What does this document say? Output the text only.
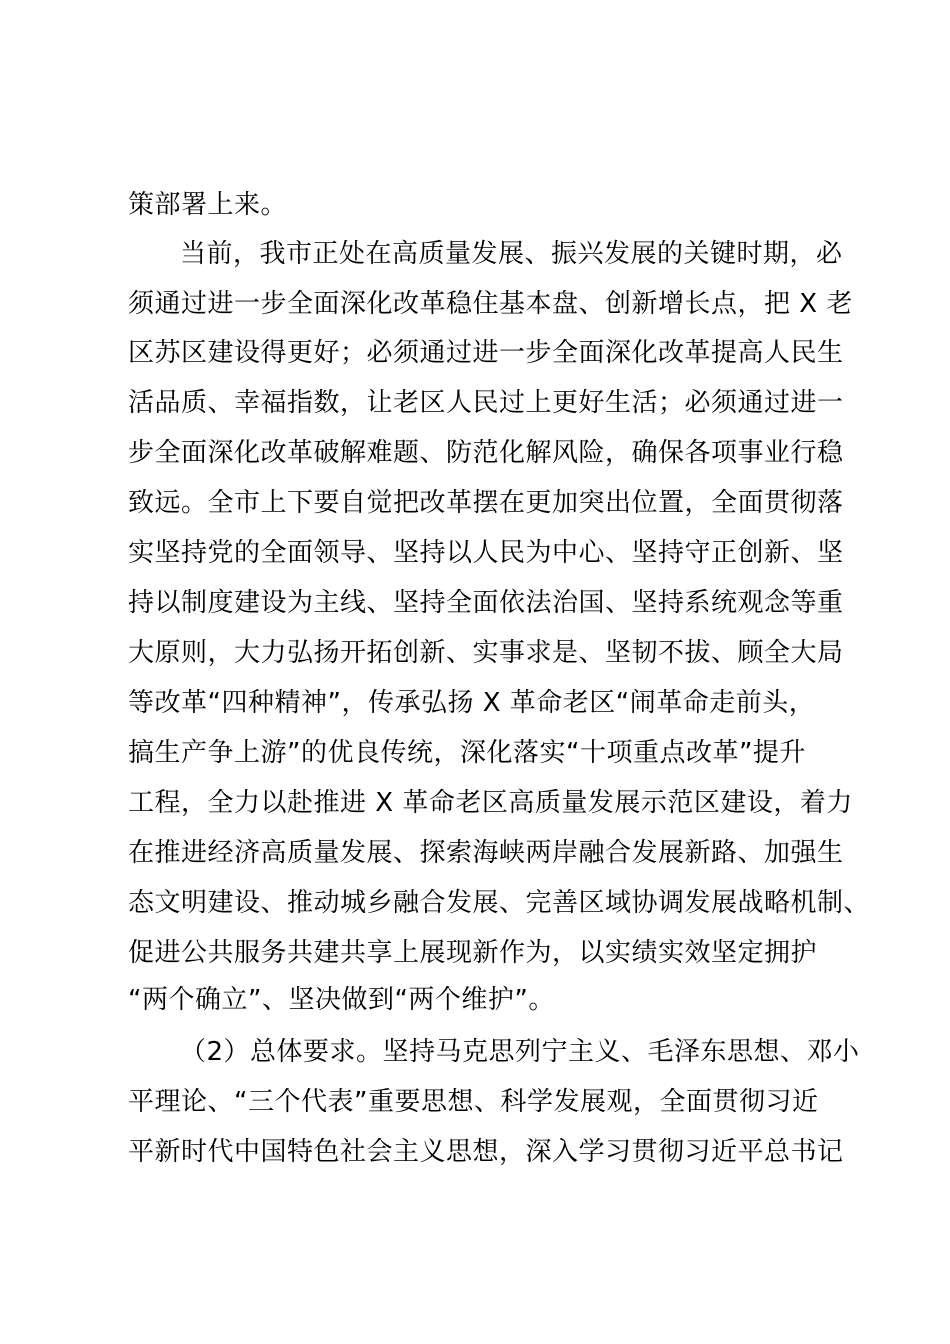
策部署上来。
当前，我市正处在高质量发展、振兴发展的关键时期，必
须通过进一步全面深化改革稳住基本盘、创新增长点，把 X 老
区苏区建设得更好；必须通过进一步全面深化改革提高人民生
活品质、幸福指数，让老区人民过上更好生活；必须通过进一
步全面深化改革破解难题、防范化解风险，确保各项事业行稳
致远。全市上下要自觉把改革摆在更加突出位置，全面贯彻落
实坚持党的全面领导、坚持以人民为中心、坚持守正创新、坚
持以制度建设为主线、坚持全面依法治国、坚持系统观念等重
大原则，大力弘扬开拓创新、实事求是、坚韧不拔、顾全大局
等改革“四种精神”，传承弘扬 X 革命老区“闹革命走前头，
搞生产争上游”的优良传统，深化落实“十项重点改革”提升
工程，全力以赴推进 X 革命老区高质量发展示范区建设，着力
在推进经济高质量发展、探索海峡两岸融合发展新路、加强生
态文明建设、推动城乡融合发展、完善区域协调发展战略机制、
促进公共服务共建共享上展现新作为，以实绩实效坚定拥护
“两个确立”、坚决做到“两个维护”。
（2）总体要求。坚持马克思列宁主义、毛泽东思想、邓小
平理论、“三个代表”重要思想、科学发展观，全面贯彻习近
平新时代中国特色社会主义思想，深入学习贯彻习近平总书记
